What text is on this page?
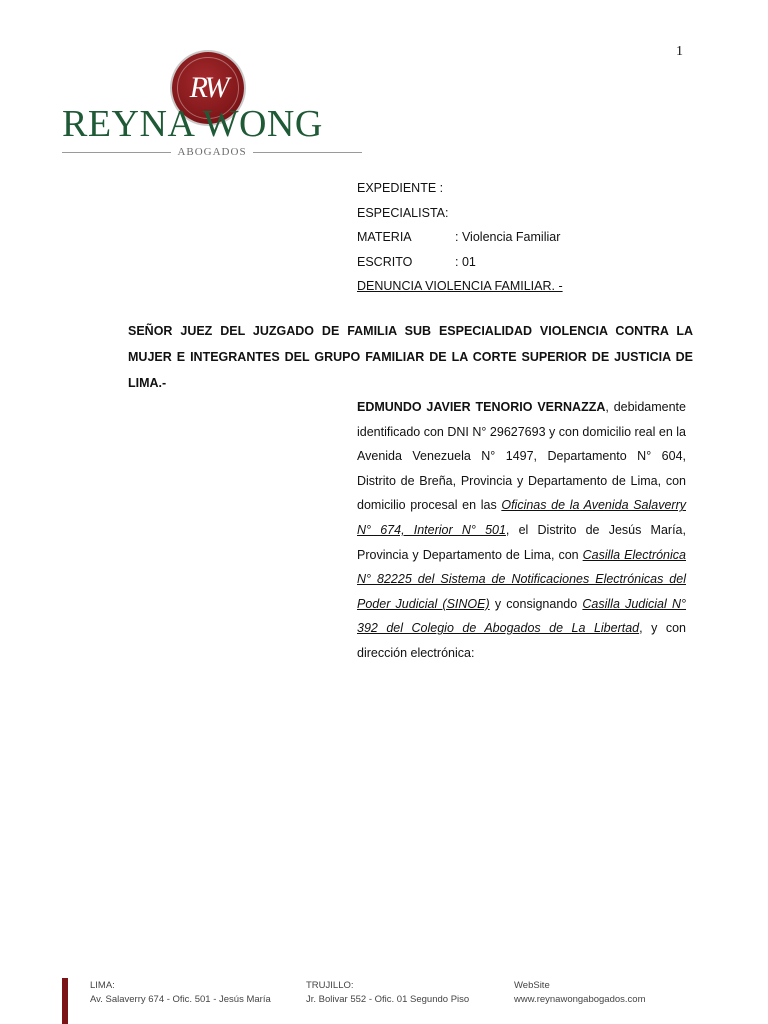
1
RW
REYNA WONG
ABOGADOS
EXPEDIENTE :
ESPECIALISTA:
MATERIA	: Violencia Familiar
ESCRITO	: 01
DENUNCIA VIOLENCIA FAMILIAR. -
SEÑOR JUEZ DEL JUZGADO DE FAMILIA SUB ESPECIALIDAD VIOLENCIA CONTRA LA MUJER E INTEGRANTES DEL GRUPO FAMILIAR DE LA CORTE SUPERIOR DE JUSTICIA DE LIMA.-
EDMUNDO JAVIER TENORIO VERNAZZA, debidamente identificado con DNI N° 29627693 y con domicilio real en la Avenida Venezuela N° 1497, Departamento N° 604, Distrito de Breña, Provincia y Departamento de Lima, con domicilio procesal en las Oficinas de la Avenida Salaverry N° 674, Interior N° 501, el Distrito de Jesús María, Provincia y Departamento de Lima, con Casilla Electrónica N° 82225 del Sistema de Notificaciones Electrónicas del Poder Judicial (SINOE) y consignando Casilla Judicial N° 392 del Colegio de Abogados de La Libertad, y con dirección electrónica:
LIMA:
Av. Salaverry 674 - Ofic. 501 - Jesús María
TRUJILLO:
Jr. Bolivar 552 - Ofic. 01 Segundo Piso
WebSite
www.reynawongabogados.com
